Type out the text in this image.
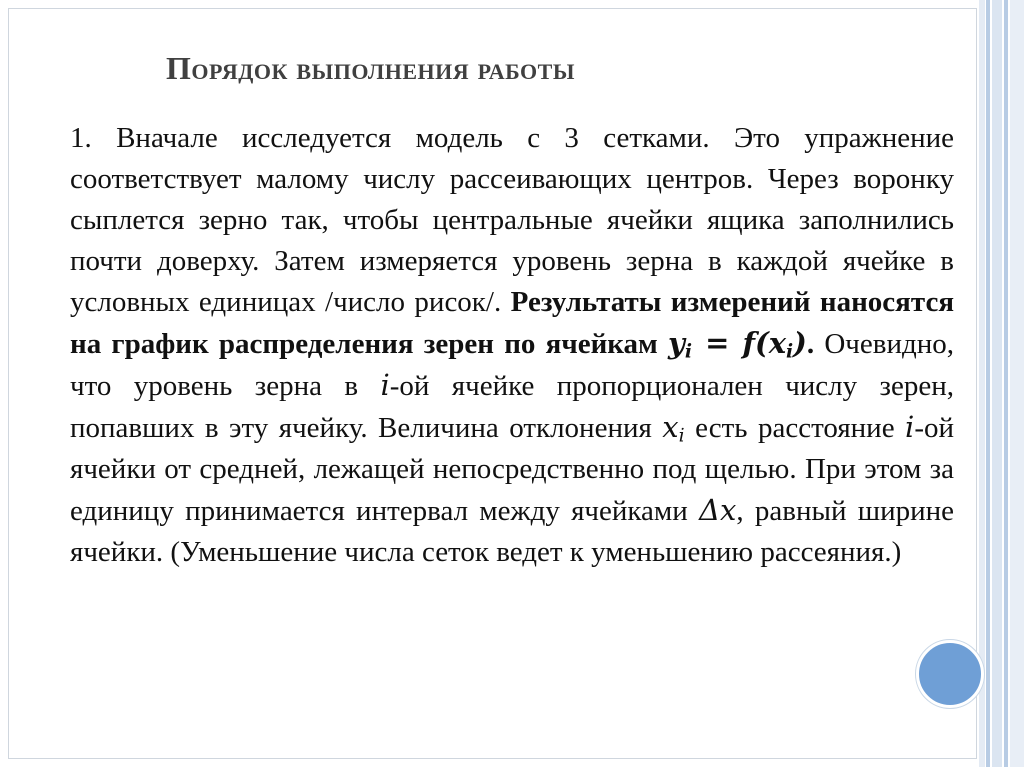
Порядок выполнения работы

1. Вначале исследуется модель с 3 сетками. Это упражнение соответствует малому числу рассеивающих центров. Через воронку сыплется зерно так, чтобы центральные ячейки ящика заполнились почти доверху. Затем измеряется уровень зерна в каждой ячейке в условных единицах /число рисок/. Результаты измерений наносятся на график распределения зерен по ячейкам $y_i = f(x_i)$. Очевидно, что уровень зерна в i-ой ячейке пропорционален числу зерен, попавших в эту ячейку. Величина отклонения $x_i$ есть расстояние i-ой ячейки от средней, лежащей непосредственно под щелью. При этом за единицу принимается интервал между ячейками Δx, равный ширине ячейки. (Уменьшение числа сеток ведет к уменьшению рассеяния.)
